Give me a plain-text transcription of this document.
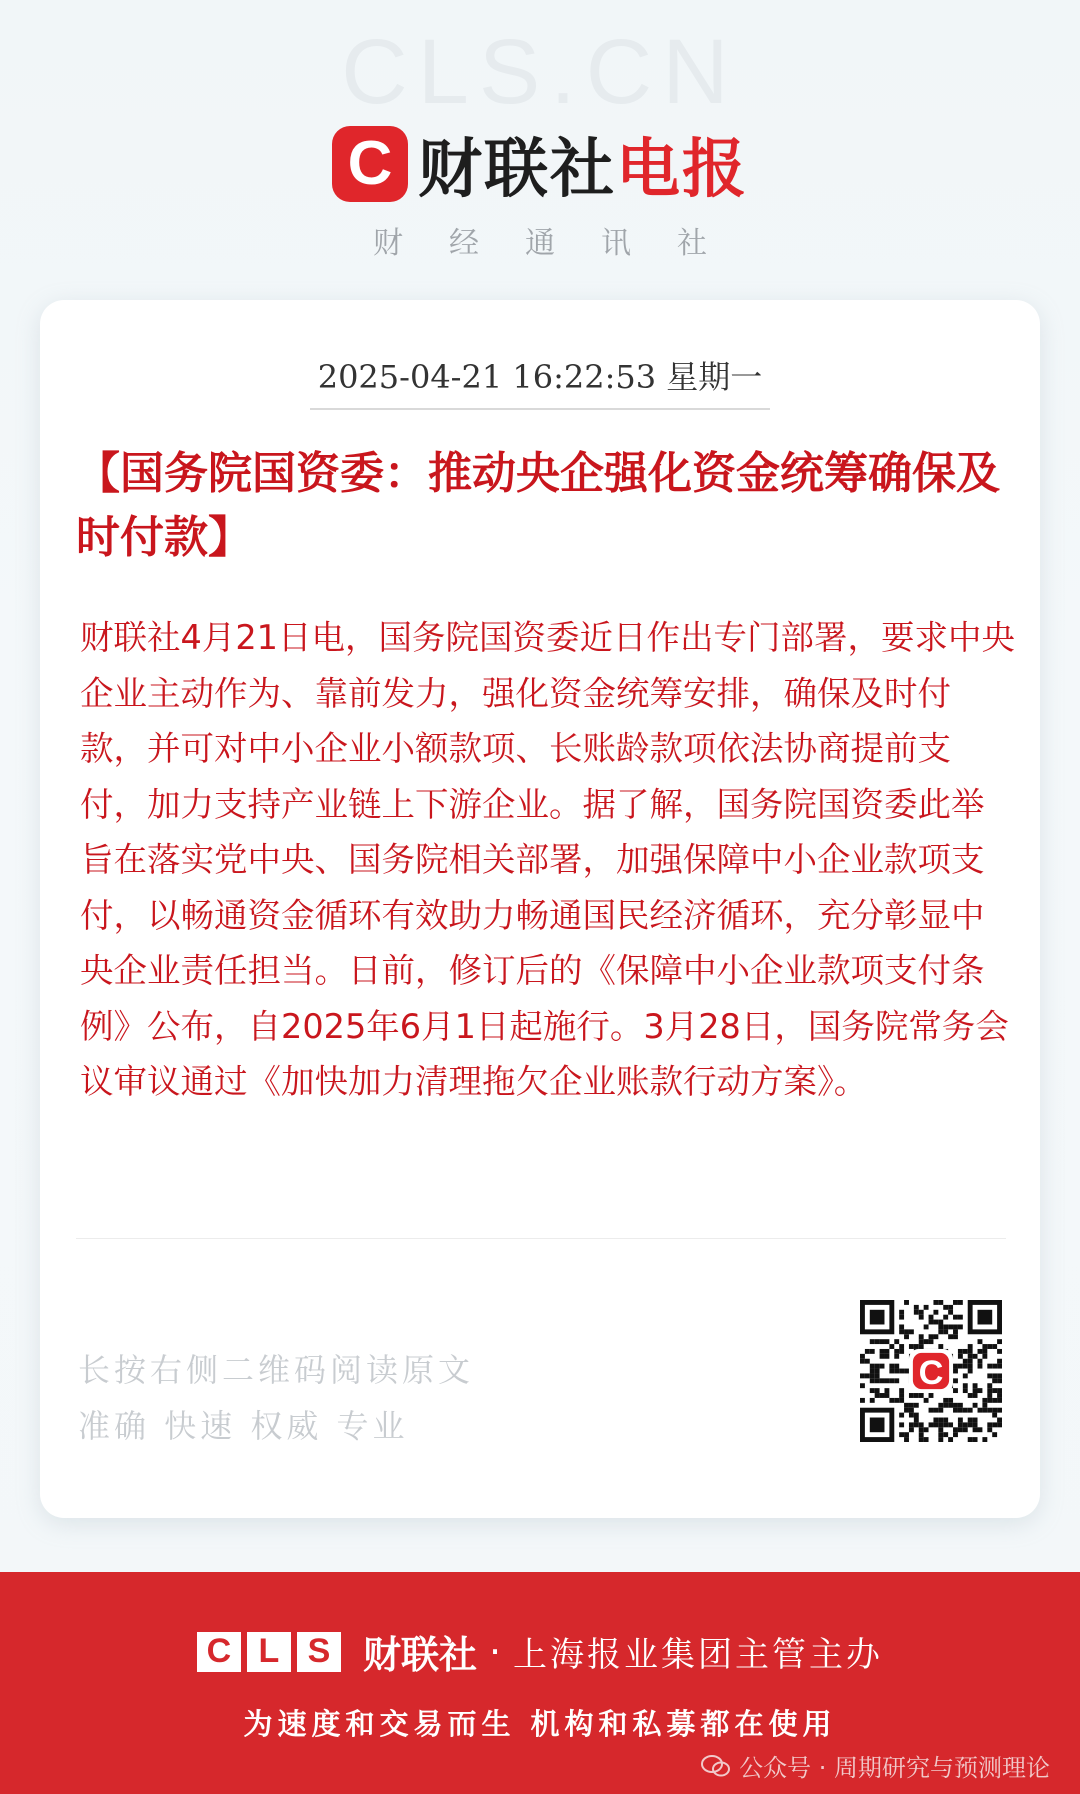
CLS.CN
C 财联社 电报
财经通讯社
2025-04-21 16:22:53 星期一
【国务院国资委：推动央企强化资金统筹确保及时付款】
财联社4月21日电，国务院国资委近日作出专门部署，要求中央企业主动作为、靠前发力，强化资金统筹安排，确保及时付款，并可对中小企业小额款项、长账龄款项依法协商提前支付，加力支持产业链上下游企业。据了解，国务院国资委此举旨在落实党中央、国务院相关部署，加强保障中小企业款项支付，以畅通资金循环有效助力畅通国民经济循环，充分彰显中央企业责任担当。日前，修订后的《保障中小企业款项支付条例》公布，自2025年6月1日起施行。3月28日，国务院常务会议审议通过《加快加力清理拖欠企业账款行动方案》。
长按右侧二维码阅读原文
准确 快速 权威 专业
C
C L S 财联社 · 上海报业集团主管主办
为速度和交易而生 机构和私募都在使用
公众号 · 周期研究与预测理论
